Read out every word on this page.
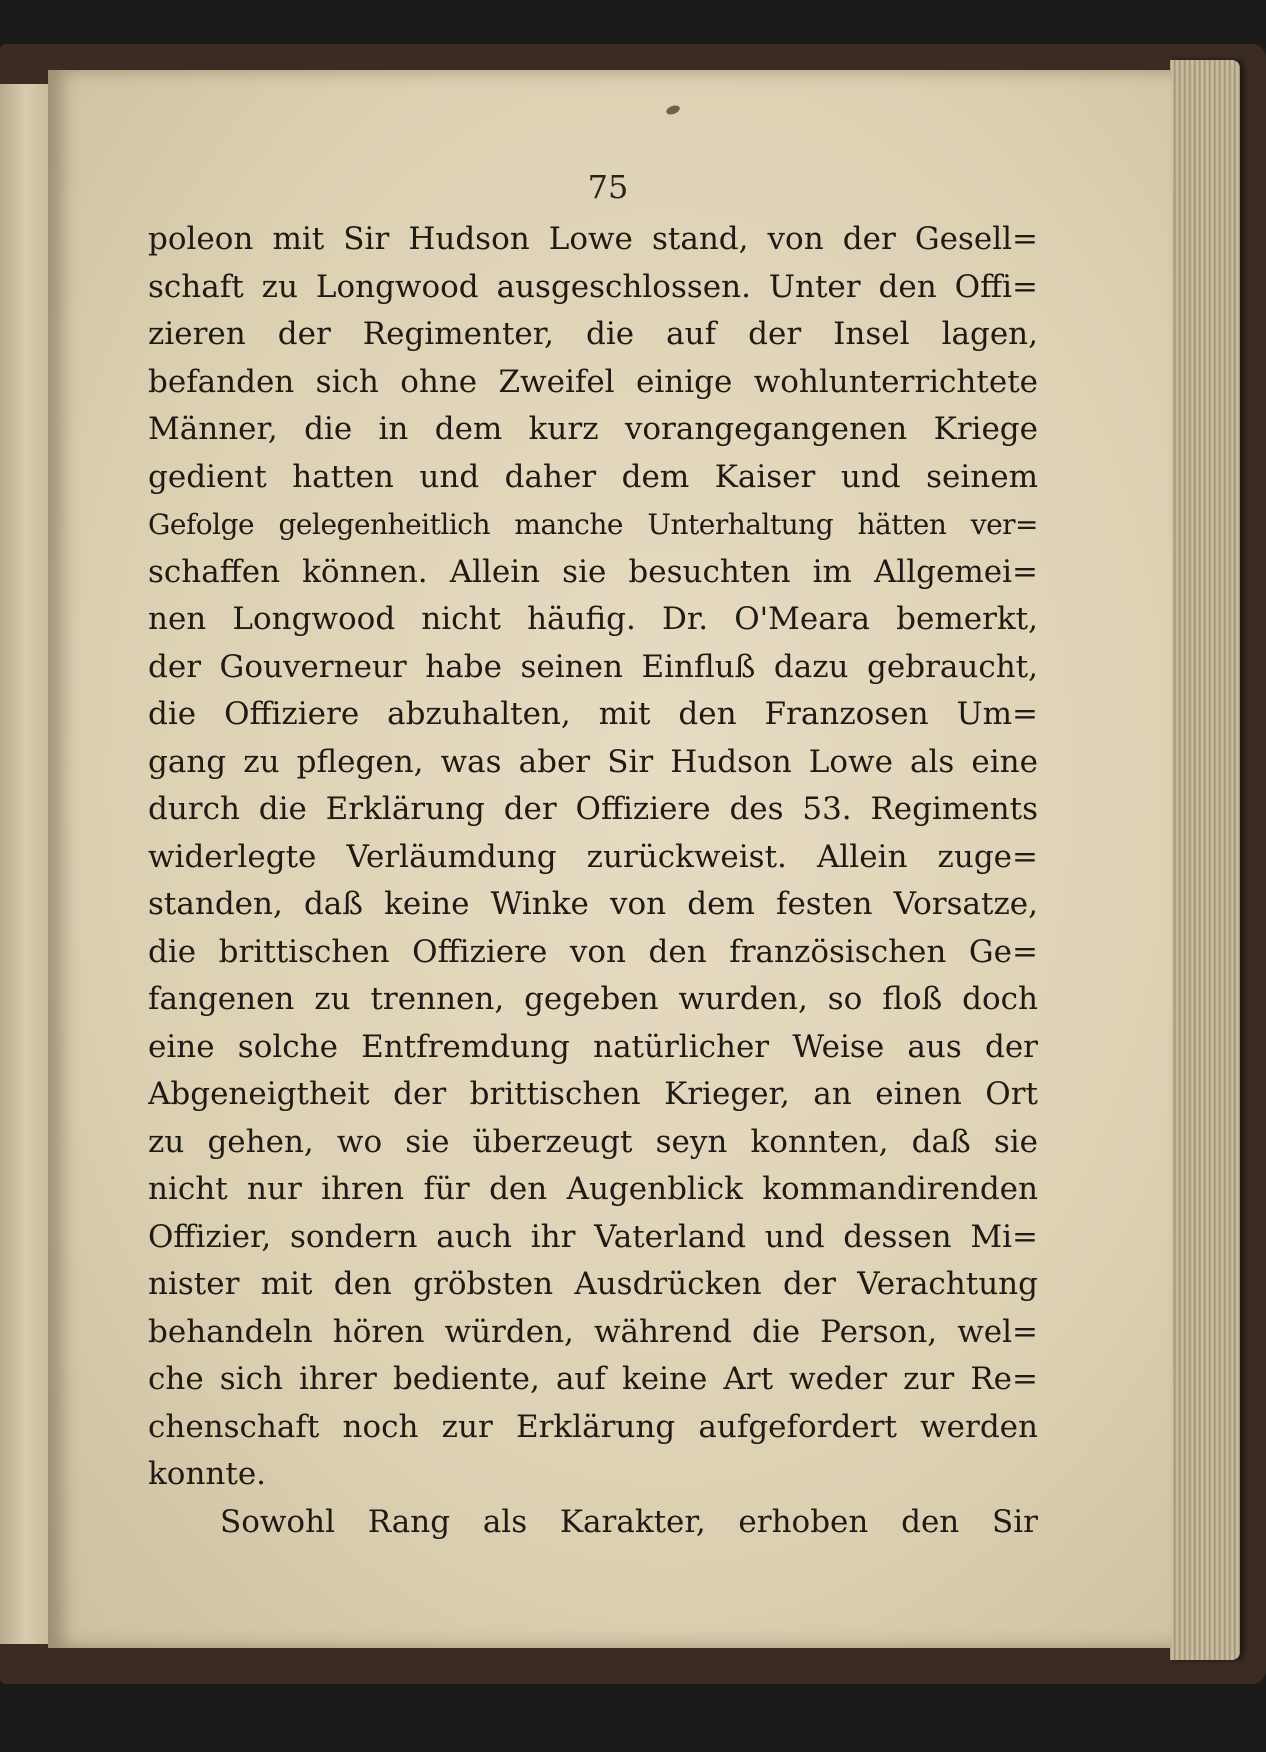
75
poleon mit Sir Hudson Lowe stand, von der Gesell=
schaft zu Longwood ausgeschlossen. Unter den Offi=
zieren der Regimenter, die auf der Insel lagen,
befanden sich ohne Zweifel einige wohlunterrichtete
Männer, die in dem kurz vorangegangenen Kriege
gedient hatten und daher dem Kaiser und seinem
Gefolge gelegenheitlich manche Unterhaltung hätten ver=
schaffen können. Allein sie besuchten im Allgemei=
nen Longwood nicht häufig. Dr. O'Meara bemerkt,
der Gouverneur habe seinen Einfluß dazu gebraucht,
die Offiziere abzuhalten, mit den Franzosen Um=
gang zu pflegen, was aber Sir Hudson Lowe als eine
durch die Erklärung der Offiziere des 53. Regiments
widerlegte Verläumdung zurückweist. Allein zuge=
standen, daß keine Winke von dem festen Vorsatze,
die brittischen Offiziere von den französischen Ge=
fangenen zu trennen, gegeben wurden, so floß doch
eine solche Entfremdung natürlicher Weise aus der
Abgeneigtheit der brittischen Krieger, an einen Ort
zu gehen, wo sie überzeugt seyn konnten, daß sie
nicht nur ihren für den Augenblick kommandirenden
Offizier, sondern auch ihr Vaterland und dessen Mi=
nister mit den gröbsten Ausdrücken der Verachtung
behandeln hören würden, während die Person, wel=
che sich ihrer bediente, auf keine Art weder zur Re=
chenschaft noch zur Erklärung aufgefordert werden
konnte.
Sowohl Rang als Karakter, erhoben den Sir
